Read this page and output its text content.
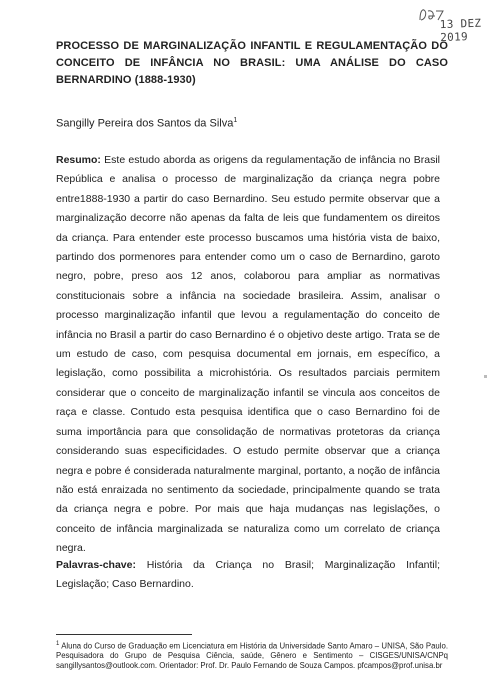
13 DEZ 2019
PROCESSO DE MARGINALIZAÇÃO INFANTIL E REGULAMENTAÇÃO DO CONCEITO DE INFÂNCIA NO BRASIL: UMA ANÁLISE DO CASO BERNARDINO (1888-1930)
Sangilly Pereira dos Santos da Silva$^1$
Resumo: Este estudo aborda as origens da regulamentação de infância no Brasil República e analisa o processo de marginalização da criança negra pobre entre1888-1930 a partir do caso Bernardino. Seu estudo permite observar que a marginalização decorre não apenas da falta de leis que fundamentem os direitos da criança. Para entender este processo buscamos uma história vista de baixo, partindo dos pormenores para entender como um o caso de Bernardino, garoto negro, pobre, preso aos 12 anos, colaborou para ampliar as normativas constitucionais sobre a infância na sociedade brasileira. Assim, analisar o processo marginalização infantil que levou a regulamentação do conceito de infância no Brasil a partir do caso Bernardino é o objetivo deste artigo. Trata se de um estudo de caso, com pesquisa documental em jornais, em específico, a legislação, como possibilita a microhistória. Os resultados parciais permitem considerar que o conceito de marginalização infantil se vincula aos conceitos de raça e classe. Contudo esta pesquisa identifica que o caso Bernardino foi de suma importância para que consolidação de normativas protetoras da criança considerando suas especificidades. O estudo permite observar que a criança negra e pobre é considerada naturalmente marginal, portanto, a noção de infância não está enraizada no sentimento da sociedade, principalmente quando se trata da criança negra e pobre. Por mais que haja mudanças nas legislações, o conceito de infância marginalizada se naturaliza como um correlato de criança negra.
Palavras-chave: História da Criança no Brasil; Marginalização Infantil; Legislação; Caso Bernardino.
$^1$ Aluna do Curso de Graduação em Licenciatura em História da Universidade Santo Amaro – UNISA, São Paulo. Pesquisadora do Grupo de Pesquisa Ciência, saúde, Gênero e Sentimento – CISGES/UNISA/CNPq sangillysantos@outlook.com. Orientador: Prof. Dr. Paulo Fernando de Souza Campos. pfcampos@prof.unisa.br
